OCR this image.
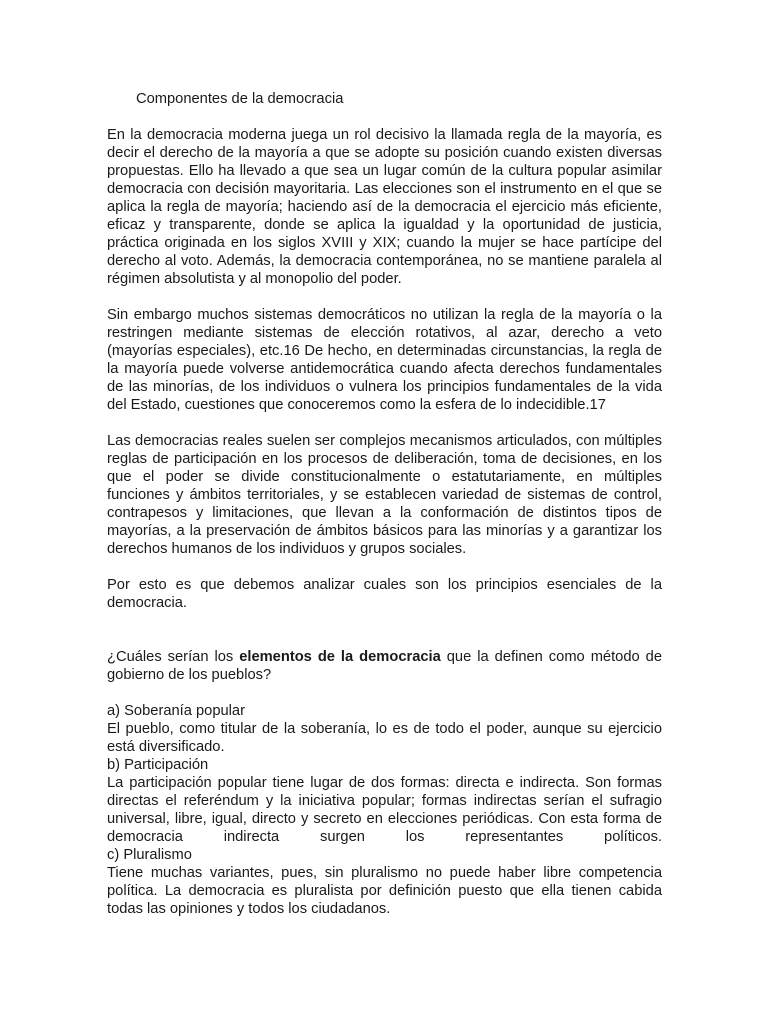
Componentes de la democracia

En la democracia moderna juega un rol decisivo la llamada regla de la mayoría, es decir el derecho de la mayoría a que se adopte su posición cuando existen diversas propuestas. Ello ha llevado a que sea un lugar común de la cultura popular asimilar democracia con decisión mayoritaria. Las elecciones son el instrumento en el que se aplica la regla de mayoría; haciendo así de la democracia el ejercicio más eficiente, eficaz y transparente, donde se aplica la igualdad y la oportunidad de justicia, práctica originada en los siglos XVIII y XIX; cuando la mujer se hace partícipe del derecho al voto. Además, la democracia contemporánea, no se mantiene paralela al régimen absolutista y al monopolio del poder.

Sin embargo muchos sistemas democráticos no utilizan la regla de la mayoría o la restringen mediante sistemas de elección rotativos, al azar, derecho a veto (mayorías especiales), etc.16 De hecho, en determinadas circunstancias, la regla de la mayoría puede volverse antidemocrática cuando afecta derechos fundamentales de las minorías, de los individuos o vulnera los principios fundamentales de la vida del Estado, cuestiones que conoceremos como la esfera de lo indecidible.17

Las democracias reales suelen ser complejos mecanismos articulados, con múltiples reglas de participación en los procesos de deliberación, toma de decisiones, en los que el poder se divide constitucionalmente o estatutariamente, en múltiples funciones y ámbitos territoriales, y se establecen variedad de sistemas de control, contrapesos y limitaciones, que llevan a la conformación de distintos tipos de mayorías, a la preservación de ámbitos básicos para las minorías y a garantizar los derechos humanos de los individuos y grupos sociales.

Por esto es que debemos analizar cuales son los principios esenciales de la democracia.

¿Cuáles serían los elementos de la democracia que la definen como método de gobierno de los pueblos?

a) Soberanía popular
El pueblo, como titular de la soberanía, lo es de todo el poder, aunque su ejercicio está diversificado.
b) Participación
La participación popular tiene lugar de dos formas: directa e indirecta. Son formas directas el referéndum y la iniciativa popular; formas indirectas serían el sufragio universal, libre, igual, directo y secreto en elecciones periódicas. Con esta forma de democracia indirecta surgen los representantes políticos.
c) Pluralismo
Tiene muchas variantes, pues, sin pluralismo no puede haber libre competencia política. La democracia es pluralista por definición puesto que ella tienen cabida todas las opiniones y todos los ciudadanos.
